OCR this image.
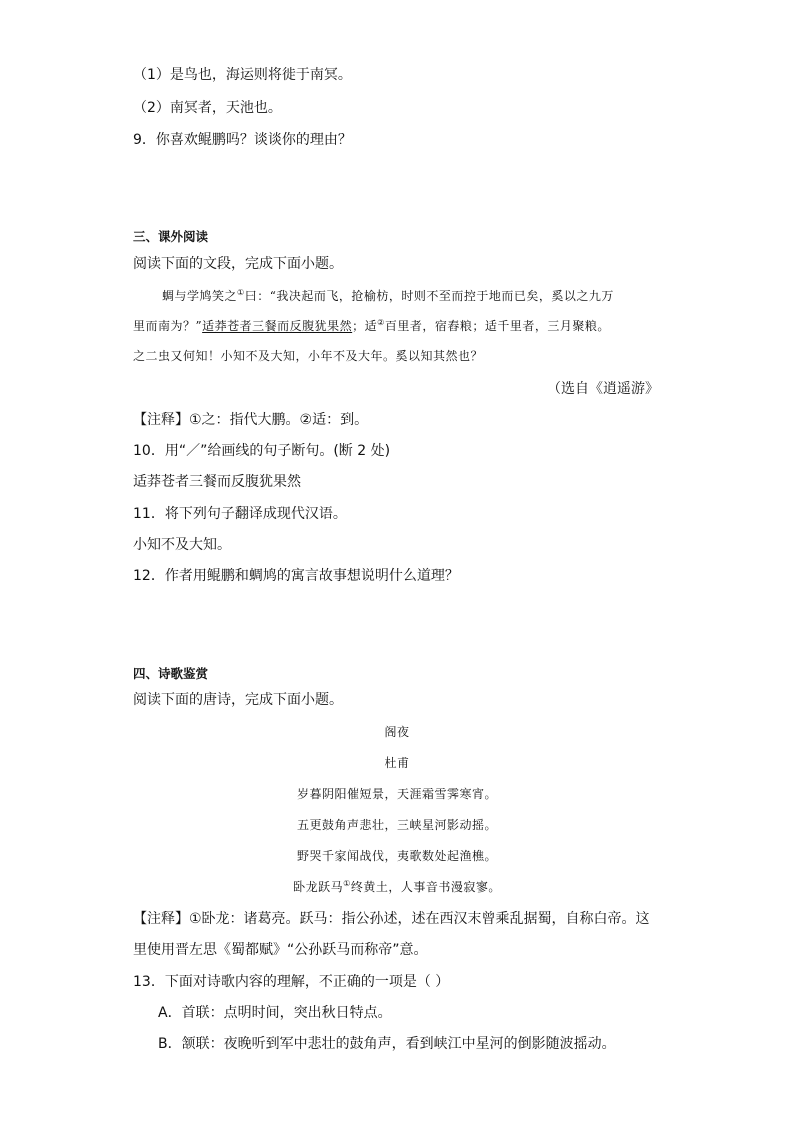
（1）是鸟也，海运则将徙于南冥。
（2）南冥者，天池也。
9．你喜欢鲲鹏吗？谈谈你的理由？
三、课外阅读
阅读下面的文段，完成下面小题。
蜩与学鸠笑之①曰：“我决起而飞，抢榆枋，时则不至而控于地而已矣，奚以之九万
里而南为？”适莽苍者三餐而反腹犹果然；适②百里者，宿舂粮；适千里者，三月聚粮。
之二虫又何知！小知不及大知，小年不及大年。奚以知其然也？
（选自《逍遥游》
【注释】①之：指代大鹏。②适：到。
10．用“／”给画线的句子断句。(断 2 处)
适莽苍者三餐而反腹犹果然
11．将下列句子翻译成现代汉语。
小知不及大知。
12．作者用鲲鹏和蜩鸠的寓言故事想说明什么道理？
四、诗歌鉴赏
阅读下面的唐诗，完成下面小题。
阁夜
杜甫
岁暮阴阳催短景，天涯霜雪霁寒宵。
五更鼓角声悲壮，三峡星河影动摇。
野哭千家闻战伐，夷歌数处起渔樵。
卧龙跃马①终黄土，人事音书漫寂寥。
【注释】①卧龙：诸葛亮。跃马：指公孙述，述在西汉末曾乘乱据蜀，自称白帝。这
里使用晋左思《蜀都赋》“公孙跃马而称帝”意。
13．下面对诗歌内容的理解，不正确的一项是（ ）
A．首联：点明时间，突出秋日特点。
B．颔联：夜晚听到军中悲壮的鼓角声，看到峡江中星河的倒影随波摇动。
